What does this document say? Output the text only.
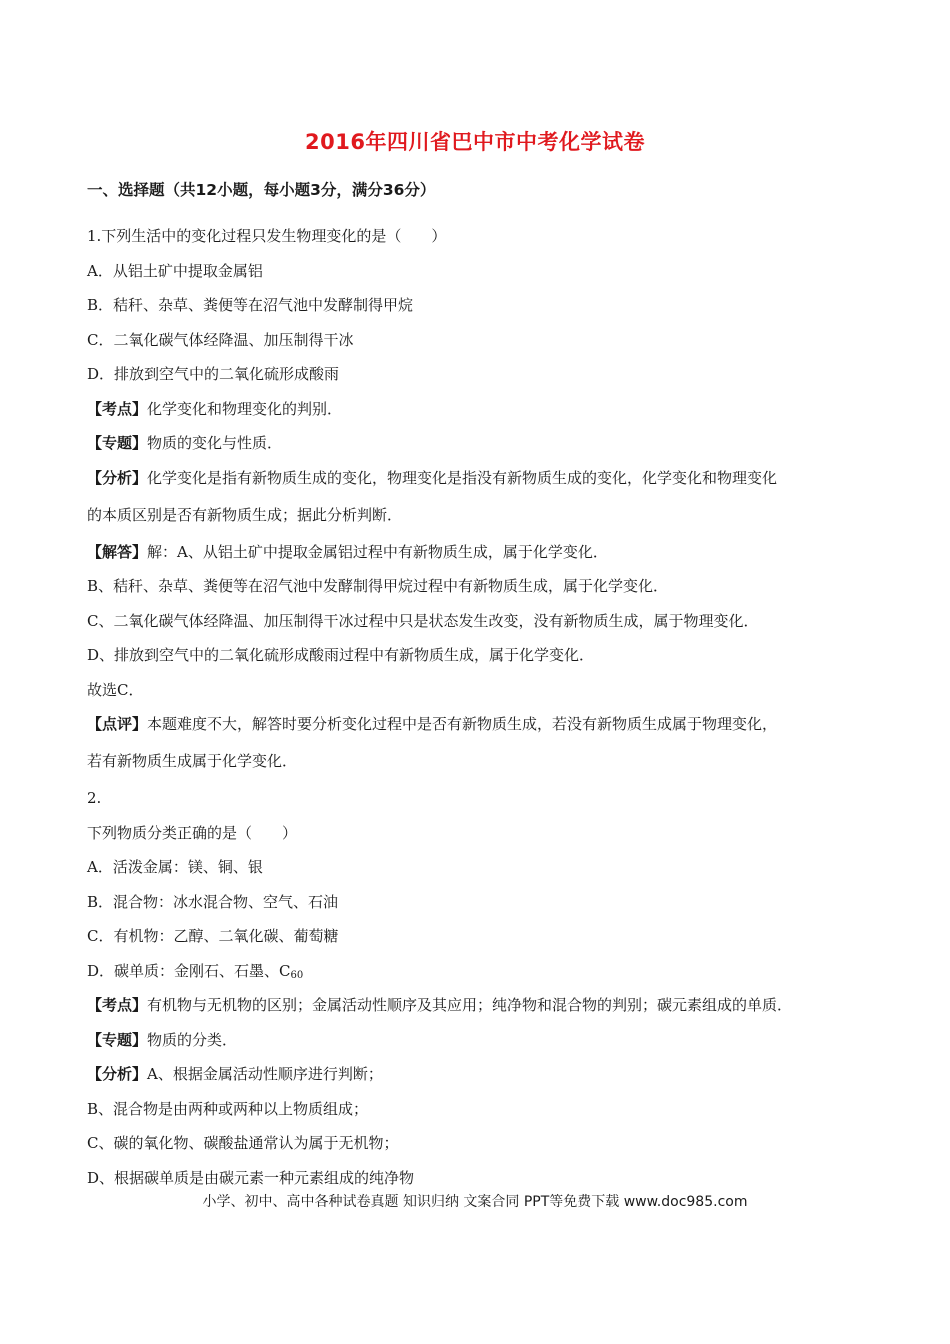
2016年四川省巴中市中考化学试卷
一、选择题（共12小题，每小题3分，满分36分）
1.下列生活中的变化过程只发生物理变化的是（　　）
A．从铝土矿中提取金属铝
B．秸秆、杂草、粪便等在沼气池中发酵制得甲烷
C．二氧化碳气体经降温、加压制得干冰
D．排放到空气中的二氧化硫形成酸雨
【考点】化学变化和物理变化的判别．
【专题】物质的变化与性质．
【分析】化学变化是指有新物质生成的变化，物理变化是指没有新物质生成的变化，化学变化和物理变化
的本质区别是否有新物质生成；据此分析判断．
【解答】解：A、从铝土矿中提取金属铝过程中有新物质生成，属于化学变化．
B、秸秆、杂草、粪便等在沼气池中发酵制得甲烷过程中有新物质生成，属于化学变化．
C、二氧化碳气体经降温、加压制得干冰过程中只是状态发生改变，没有新物质生成，属于物理变化．
D、排放到空气中的二氧化硫形成酸雨过程中有新物质生成，属于化学变化．
故选C．
【点评】本题难度不大，解答时要分析变化过程中是否有新物质生成，若没有新物质生成属于物理变化，
若有新物质生成属于化学变化．
2.
下列物质分类正确的是（　　）
A．活泼金属：镁、铜、银
B．混合物：冰水混合物、空气、石油
C．有机物：乙醇、二氧化碳、葡萄糖
D．碳单质：金刚石、石墨、$C_{60}$
【考点】有机物与无机物的区别；金属活动性顺序及其应用；纯净物和混合物的判别；碳元素组成的单质．
【专题】物质的分类．
【分析】A、根据金属活动性顺序进行判断；
B、混合物是由两种或两种以上物质组成；
C、碳的氧化物、碳酸盐通常认为属于无机物；
D、根据碳单质是由碳元素一种元素组成的纯净物
小学、初中、高中各种试卷真题 知识归纳 文案合同 PPT等免费下载 www.doc985.com
